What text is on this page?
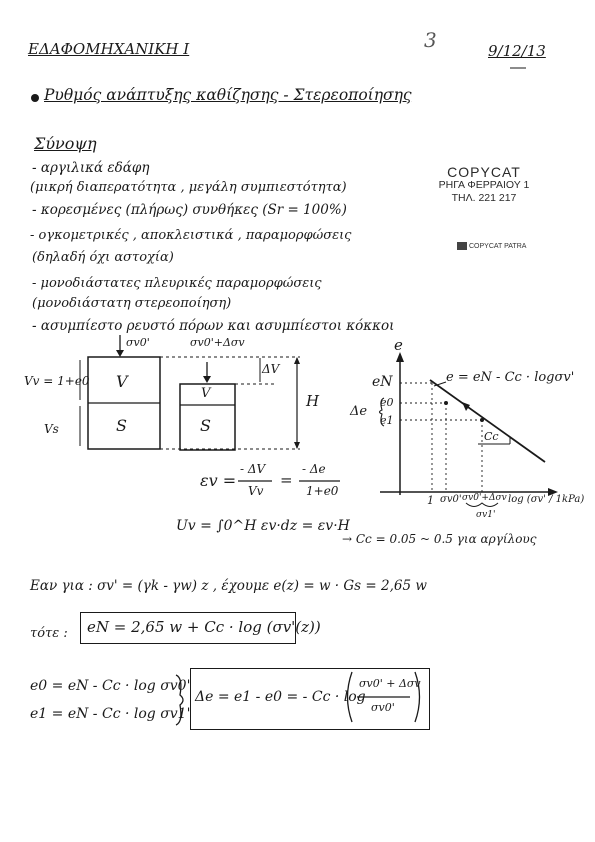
ΕΔΑΦΟΜΗΧΑΝΙΚΗ Ι	3	9/12/13
Ρυθμός ανάπτυξης καθίζησης - Στερεοποίησης
Σύνοψη
- αργιλικά εδάφη
(μικρή διαπερατότητα , μεγάλη συμπιεστότητα)
- κορεσμένες (πλήρως) συνθήκες (Sr = 100%)
- ογκομετρικές , αποκλειστικά , παραμορφώσεις
(δηλαδή όχι αστοχία)
- μονοδιάστατες πλευρικές παραμορφώσεις
(μονοδιάστατη στερεοποίηση)
- ασυμπίεστο ρευστό πόρων και ασυμπίεστοι κόκκοι
COPYCAT
ΡΗΓΑ ΦΕΡΡΑΙΟΥ 1
ΤΗΛ. 221 217
COPYCAT PATRA
σv0'	σv0'+Δσv
Vv = 1+e0
Vs
V
S
V
S
ΔV
H
εv =
- ΔV
Vv
=
- Δe
1+e0
Uv = ∫0^H εv·dz = εv·H
e
e = eN - Cc · logσv'
eN
e0
e1
Δe
Cc
1 σv0' σv0'+Δσv
σv1'
log (σv' / 1kPa)
→ Cc = 0.05 ~ 0.5 για αργίλους
Εαν για : σv' = (γk - γw) z , έχουμε e(z) = w · Gs = 2,65 w
τότε : eN = 2,65 w + Cc · log (σv'(z))
e0 = eN - Cc · log σv0'
e1 = eN - Cc · log σv1'
Δe = e1 - e0 = - Cc · log
σv0' + Δσv
σv0'
